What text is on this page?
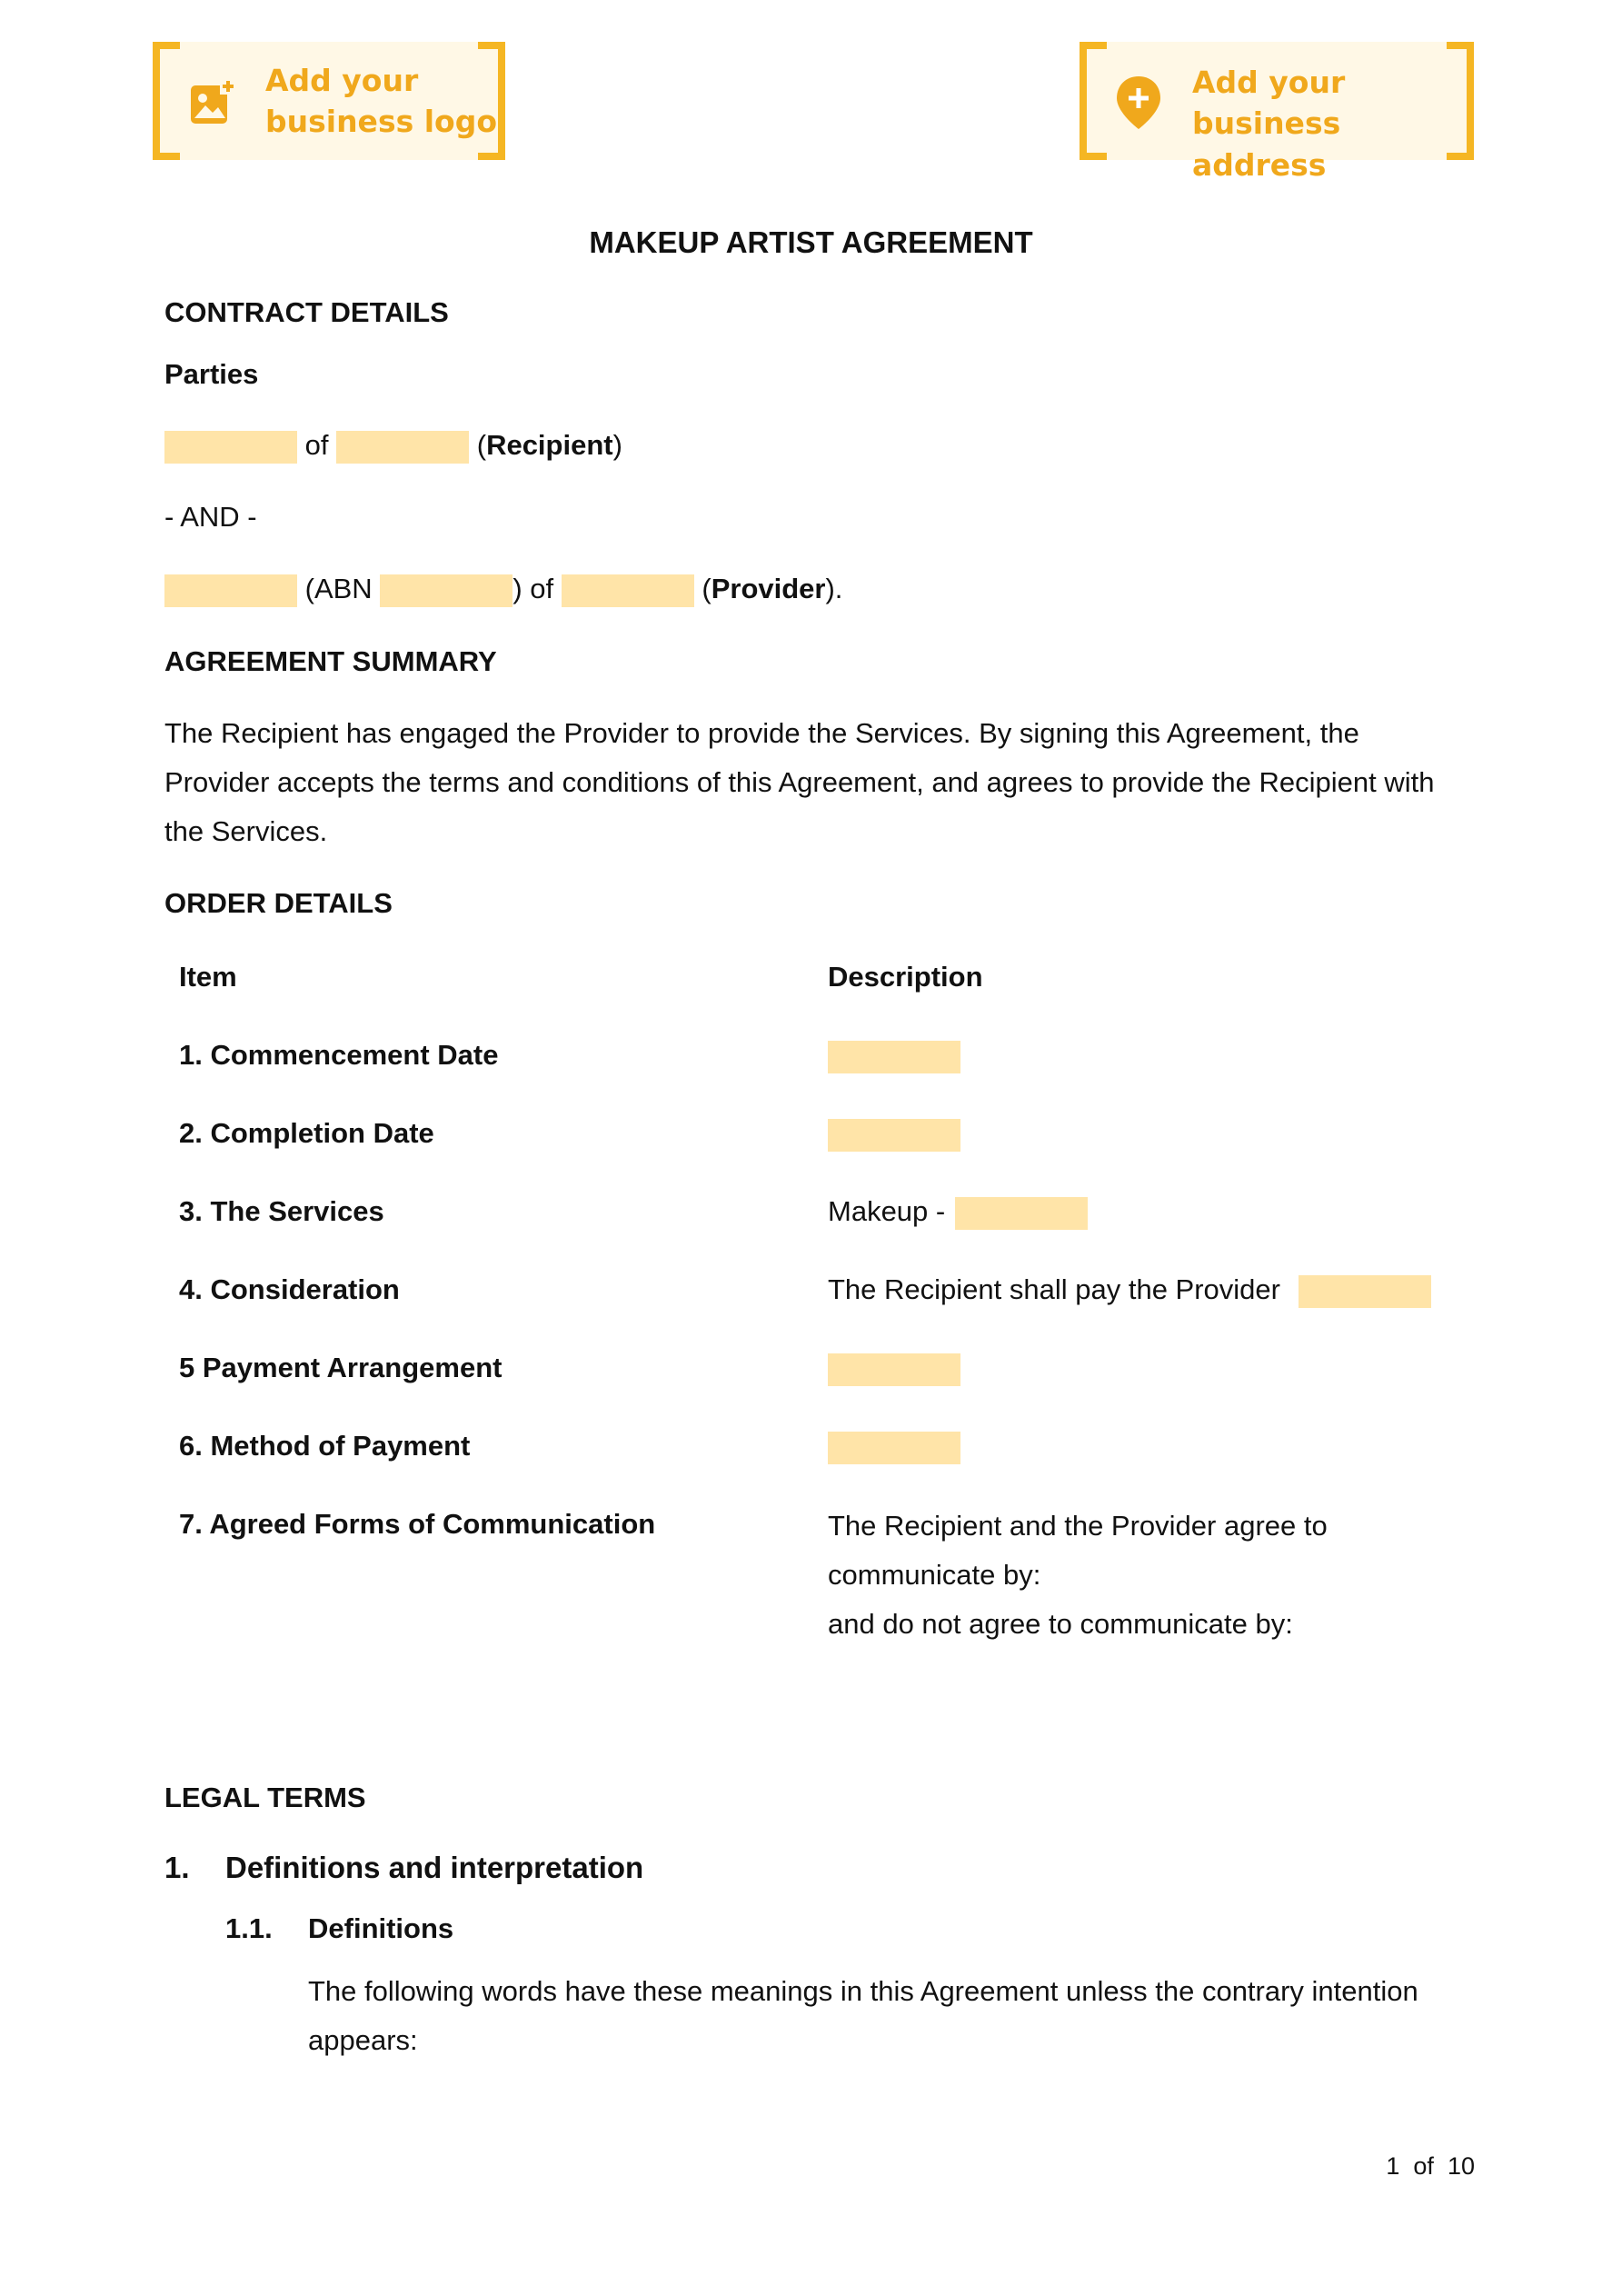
Add your
business logo
Add your
business address
MAKEUP ARTIST AGREEMENT
CONTRACT DETAILS
Parties
of	(Recipient)
- AND -
(ABN	) of	(Provider).
AGREEMENT SUMMARY
The Recipient has engaged the Provider to provide the Services. By signing this Agreement, the
Provider accepts the terms and conditions of this Agreement, and agrees to provide the Recipient with
the Services.
ORDER DETAILS
Item	Description
1. Commencement Date
2. Completion Date
3. The Services	Makeup -
4. Consideration	The Recipient shall pay the Provider
5 Payment Arrangement
6. Method of Payment
7. Agreed Forms of Communication	The Recipient and the Provider agree to
communicate by:
and do not agree to communicate by:
LEGAL TERMS
1. Definitions and interpretation
1.1. Definitions
The following words have these meanings in this Agreement unless the contrary intention
appears:
1 of 10
